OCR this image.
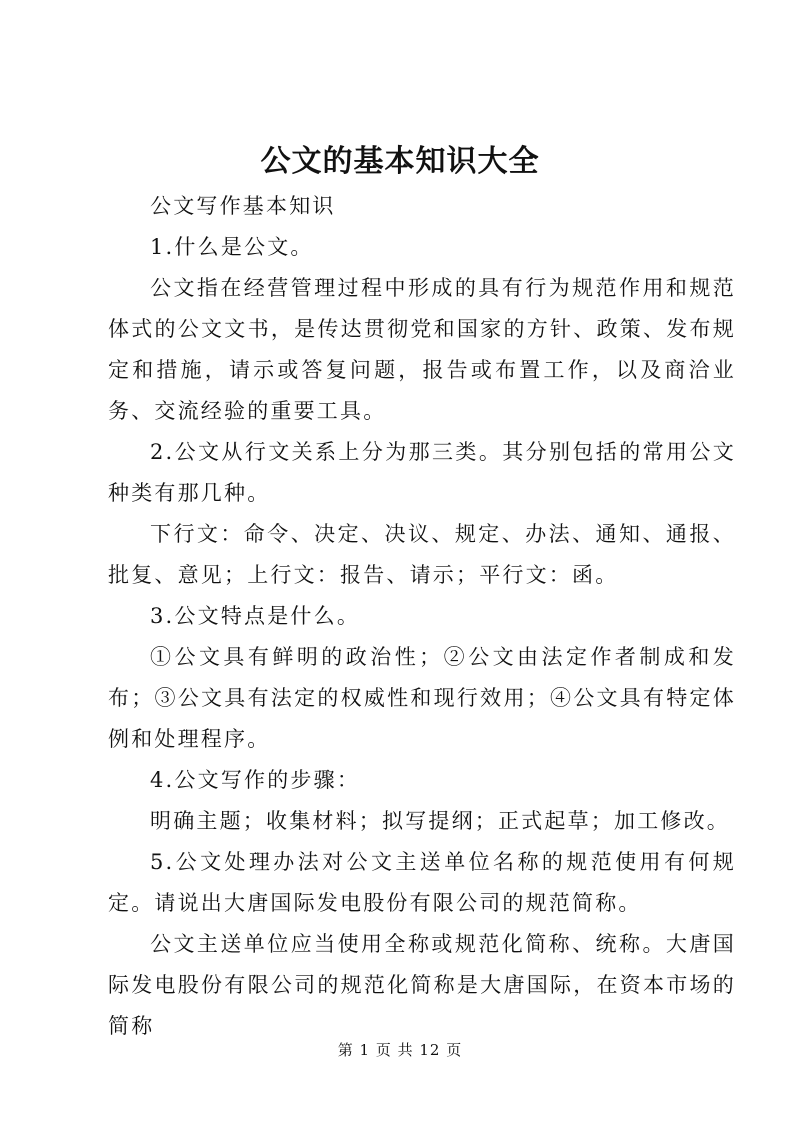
公文的基本知识大全

公文写作基本知识

1.什么是公文。

公文指在经营管理过程中形成的具有行为规范作用和规范体式的公文文书，是传达贯彻党和国家的方针、政策、发布规定和措施，请示或答复问题，报告或布置工作，以及商洽业务、交流经验的重要工具。

2.公文从行文关系上分为那三类。其分别包括的常用公文种类有那几种。

下行文：命令、决定、决议、规定、办法、通知、通报、批复、意见；上行文：报告、请示；平行文：函。

3.公文特点是什么。

①公文具有鲜明的政治性；②公文由法定作者制成和发布；③公文具有法定的权威性和现行效用；④公文具有特定体例和处理程序。

4.公文写作的步骤：

明确主题；收集材料；拟写提纲；正式起草；加工修改。

5.公文处理办法对公文主送单位名称的规范使用有何规定。请说出大唐国际发电股份有限公司的规范简称。

公文主送单位应当使用全称或规范化简称、统称。大唐国际发电股份有限公司的规范化简称是大唐国际，在资本市场的简称

第 1 页 共 12 页
